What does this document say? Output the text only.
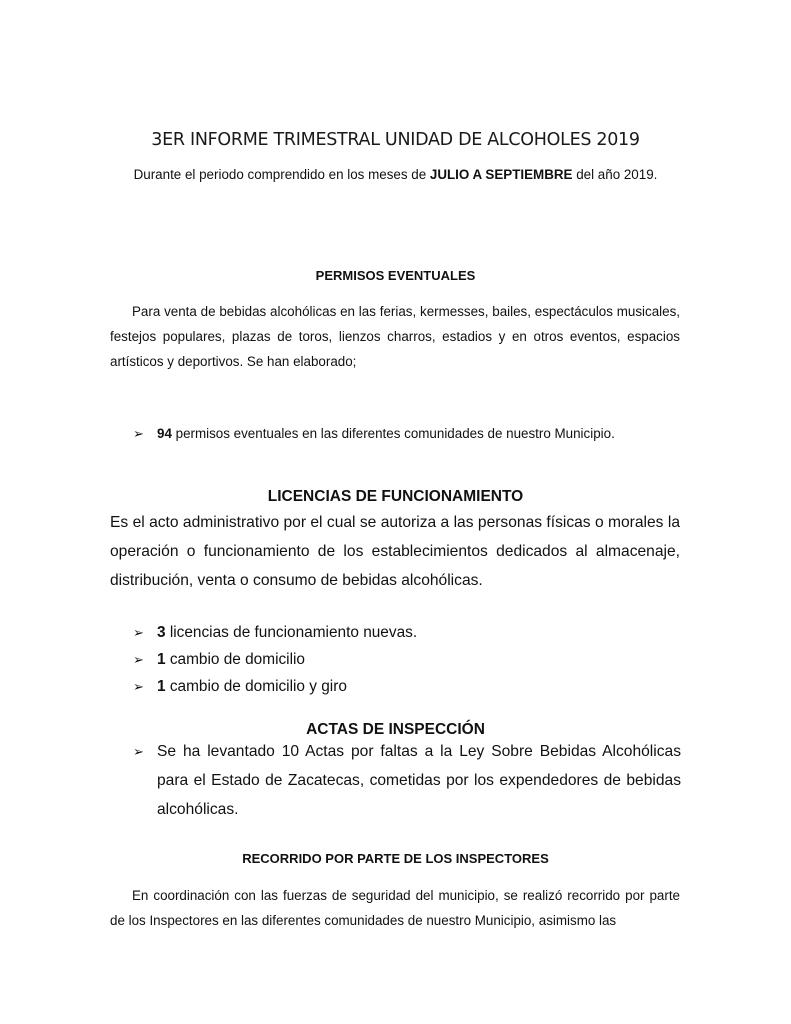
3ER INFORME TRIMESTRAL UNIDAD DE ALCOHOLES 2019
Durante el periodo comprendido en los meses de JULIO A SEPTIEMBRE del año 2019.
PERMISOS EVENTUALES
Para venta de bebidas alcohólicas en las ferias, kermesses, bailes, espectáculos musicales, festejos populares, plazas de toros, lienzos charros, estadios y en otros eventos, espacios artísticos y deportivos. Se han elaborado;
➢ 94 permisos eventuales en las diferentes comunidades de nuestro Municipio.
LICENCIAS DE FUNCIONAMIENTO
Es el acto administrativo por el cual se autoriza a las personas físicas o morales la operación o funcionamiento de los establecimientos dedicados al almacenaje, distribución, venta o consumo de bebidas alcohólicas.
➢ 3 licencias de funcionamiento nuevas.
➢ 1 cambio de domicilio
➢ 1 cambio de domicilio y giro
ACTAS DE INSPECCIÓN
➢ Se ha levantado 10 Actas por faltas a la Ley Sobre Bebidas Alcohólicas para el Estado de Zacatecas, cometidas por los expendedores de bebidas alcohólicas.
RECORRIDO POR PARTE DE LOS INSPECTORES
En coordinación con las fuerzas de seguridad del municipio, se realizó recorrido por parte de los Inspectores en las diferentes comunidades de nuestro Municipio, asimismo las
